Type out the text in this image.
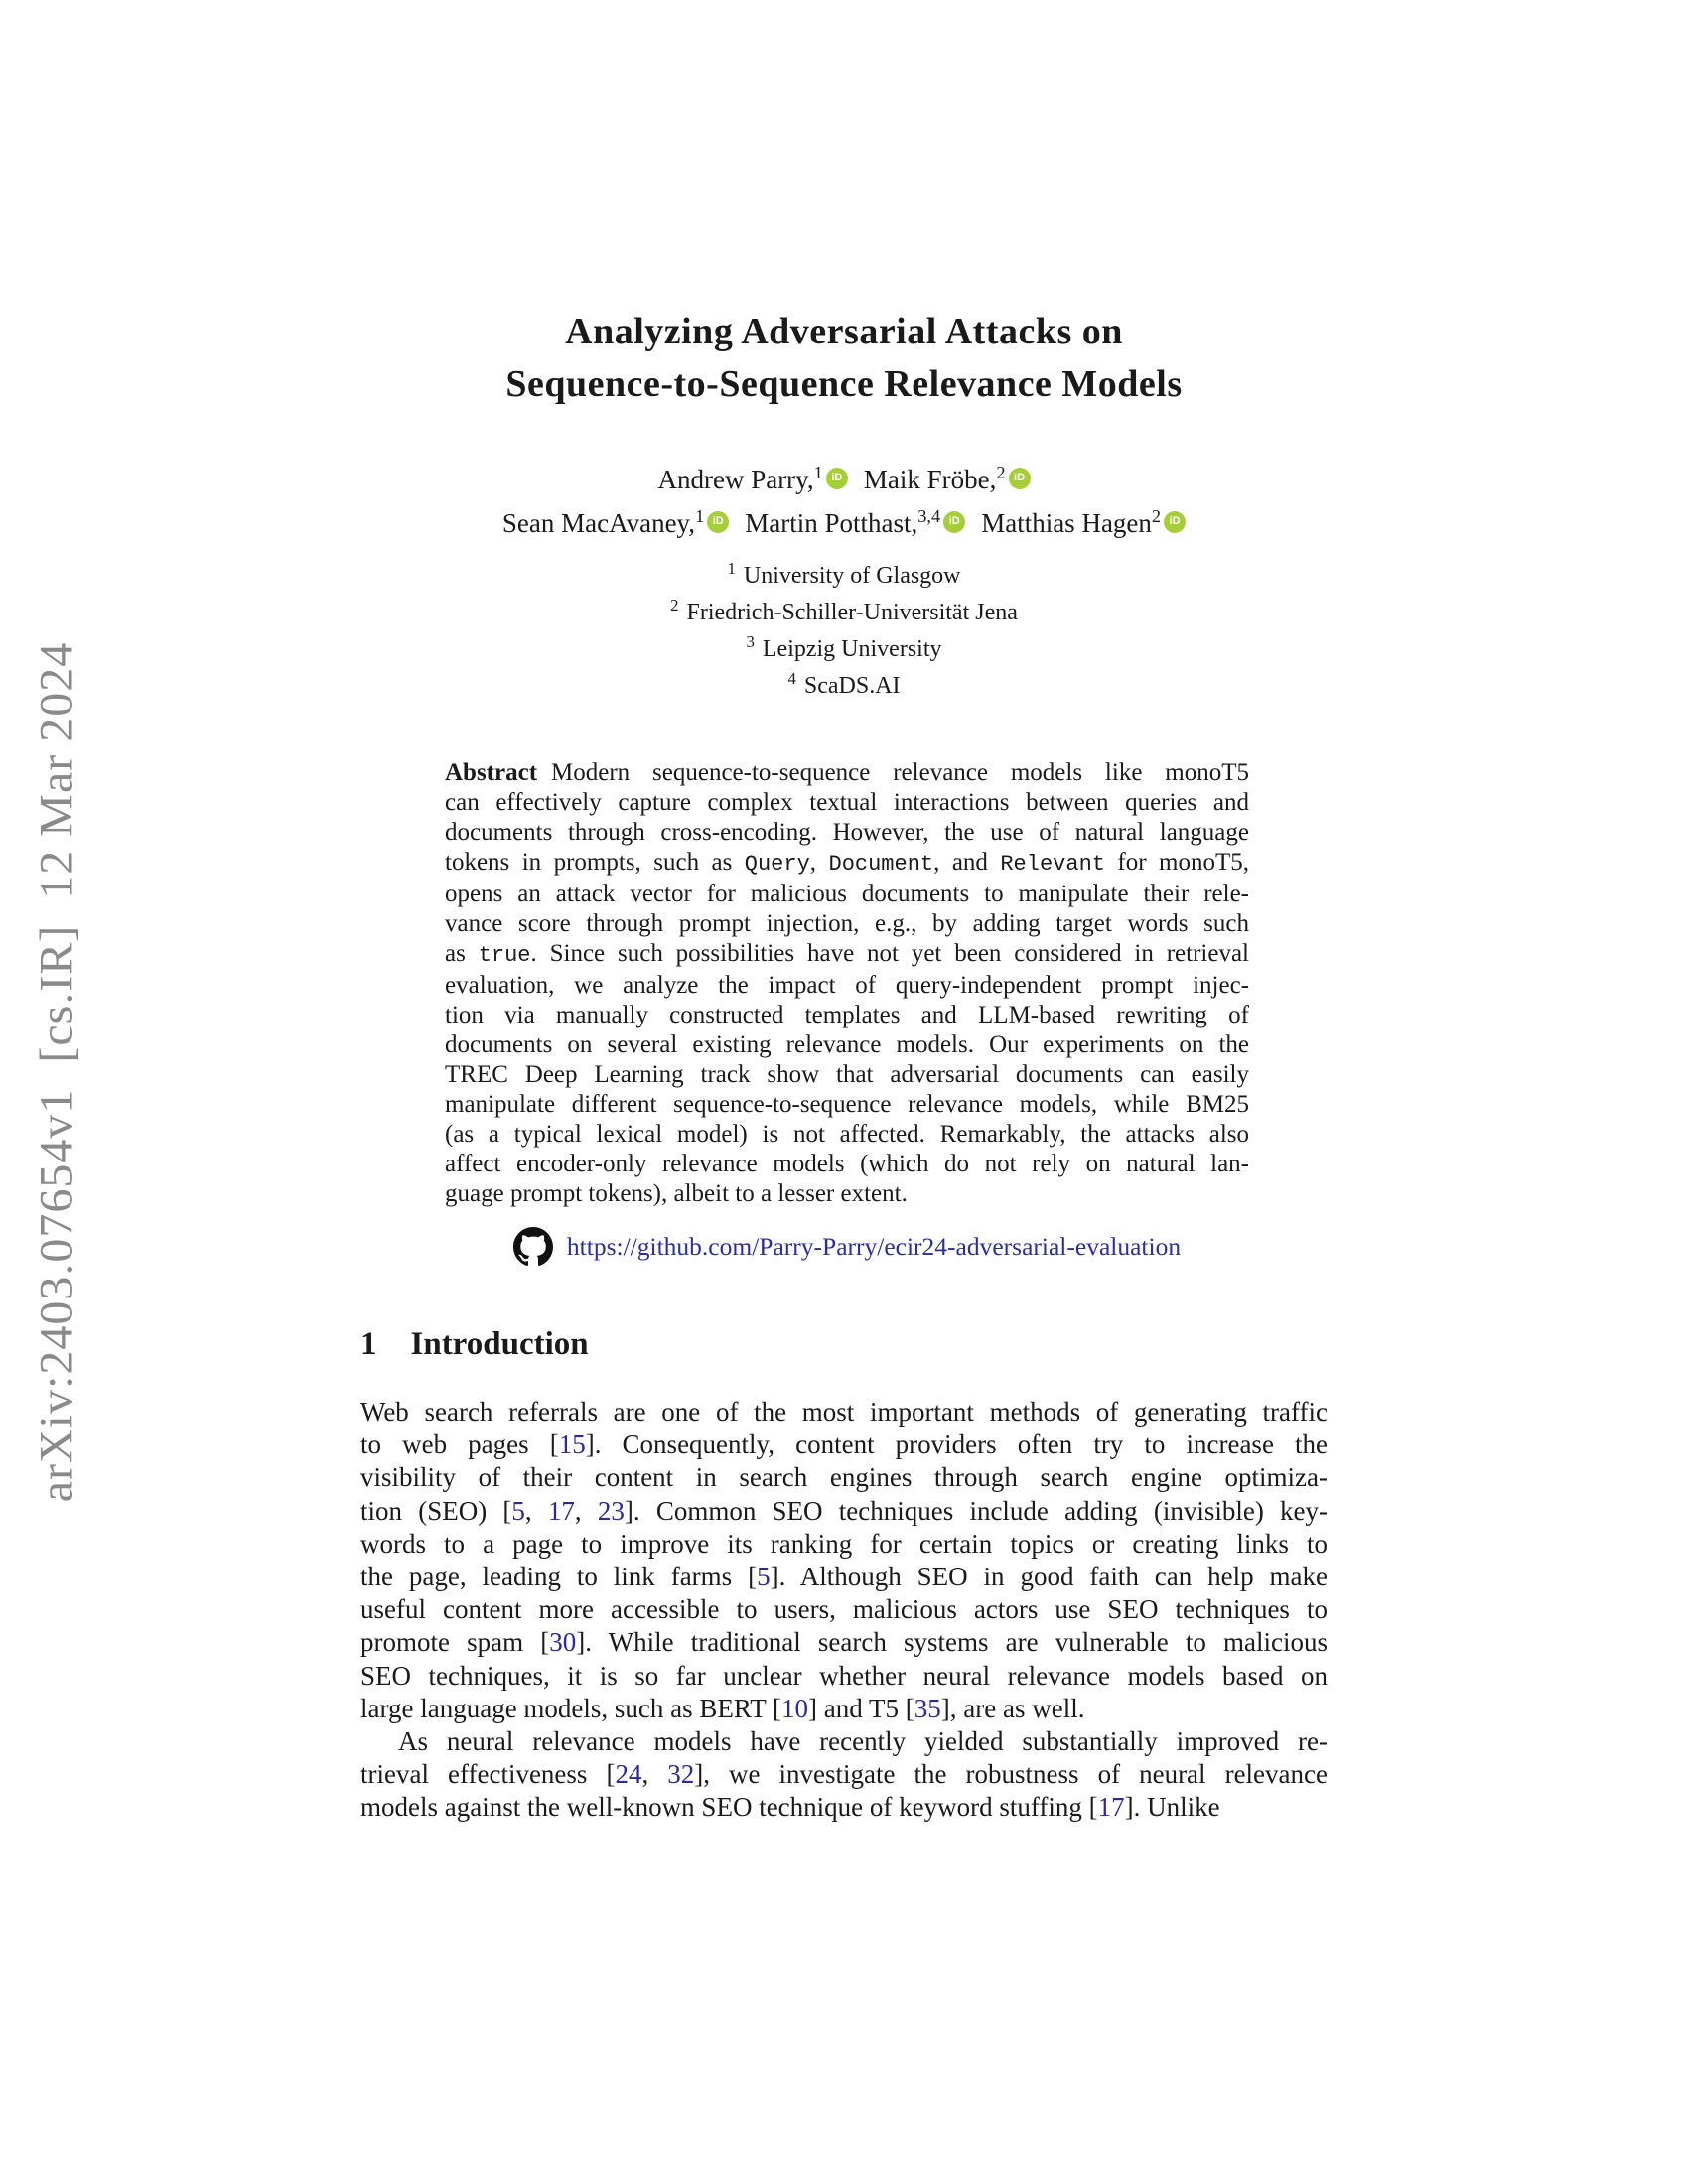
arXiv:2403.07654v1  [cs.IR]  12 Mar 2024
Analyzing Adversarial Attacks on
Sequence-to-Sequence Relevance Models
Andrew Parry,$^1$ iD Maik Fröbe,$^2$ iD
Sean MacAvaney,$^1$ iD Martin Potthast,$^{3,4}$ iD Matthias Hagen$^2$ iD
$^1$ University of Glasgow
$^2$ Friedrich-Schiller-Universität Jena
$^3$ Leipzig University
$^4$ ScaDS.AI
Abstract Modern sequence-to-sequence relevance models like monoT5
can effectively capture complex textual interactions between queries and
documents through cross-encoding. However, the use of natural language
tokens in prompts, such as Query, Document, and Relevant for monoT5,
opens an attack vector for malicious documents to manipulate their rele-
vance score through prompt injection, e.g., by adding target words such
as true. Since such possibilities have not yet been considered in retrieval
evaluation, we analyze the impact of query-independent prompt injec-
tion via manually constructed templates and LLM-based rewriting of
documents on several existing relevance models. Our experiments on the
TREC Deep Learning track show that adversarial documents can easily
manipulate different sequence-to-sequence relevance models, while BM25
(as a typical lexical model) is not affected. Remarkably, the attacks also
affect encoder-only relevance models (which do not rely on natural lan-
guage prompt tokens), albeit to a lesser extent.
https://github.com/Parry-Parry/ecir24-adversarial-evaluation
1 Introduction
Web search referrals are one of the most important methods of generating traffic
to web pages [15]. Consequently, content providers often try to increase the
visibility of their content in search engines through search engine optimiza-
tion (SEO) [5, 17, 23]. Common SEO techniques include adding (invisible) key-
words to a page to improve its ranking for certain topics or creating links to
the page, leading to link farms [5]. Although SEO in good faith can help make
useful content more accessible to users, malicious actors use SEO techniques to
promote spam [30]. While traditional search systems are vulnerable to malicious
SEO techniques, it is so far unclear whether neural relevance models based on
large language models, such as BERT [10] and T5 [35], are as well.
As neural relevance models have recently yielded substantially improved re-
trieval effectiveness [24, 32], we investigate the robustness of neural relevance
models against the well-known SEO technique of keyword stuffing [17]. Unlike
